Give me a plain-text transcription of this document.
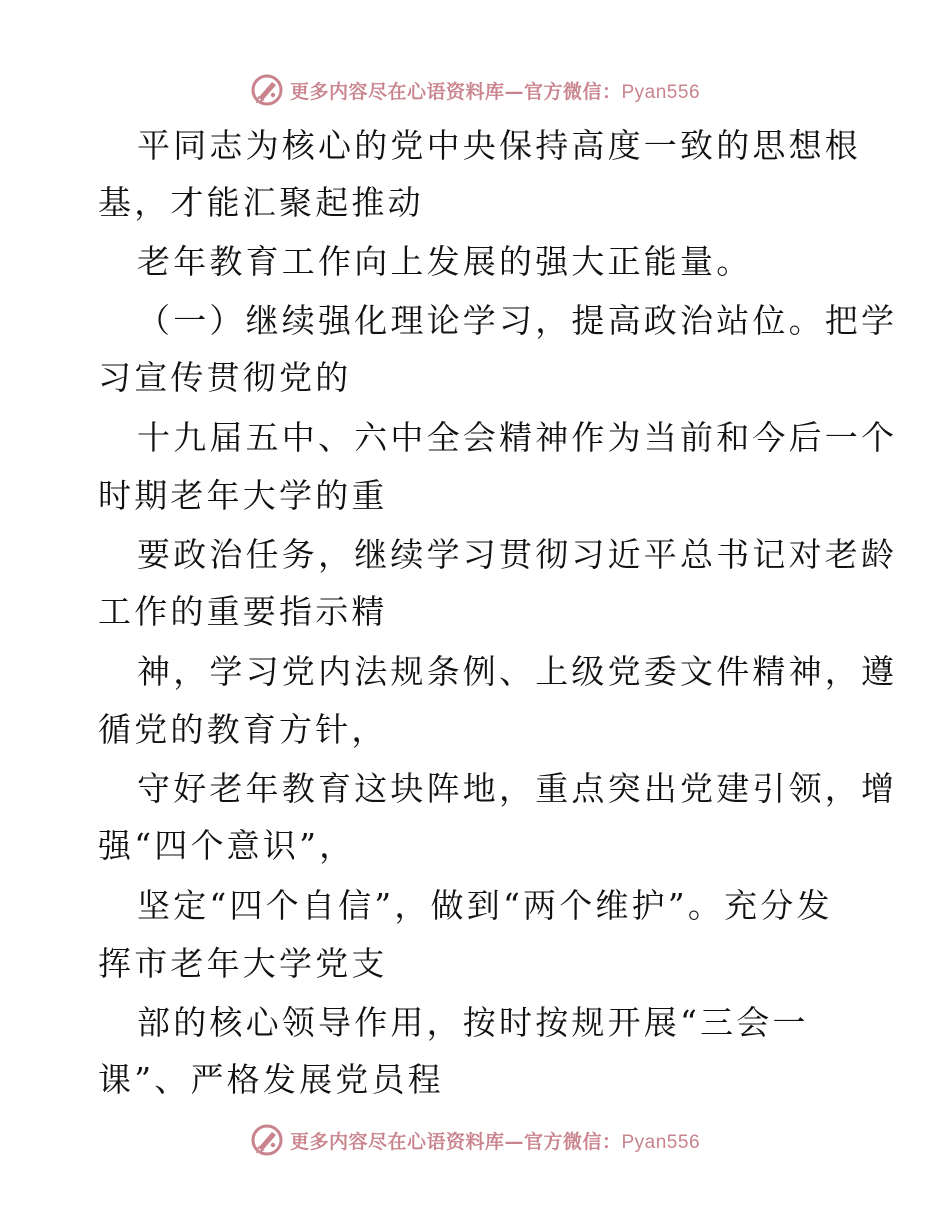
更多内容尽在心语资料库—官方微信：Pyan556
平同志为核心的党中央保持高度一致的思想根
基，才能汇聚起推动
老年教育工作向上发展的强大正能量。
（一）继续强化理论学习，提高政治站位。把学
习宣传贯彻党的
十九届五中、六中全会精神作为当前和今后一个
时期老年大学的重
要政治任务，继续学习贯彻习近平总书记对老龄
工作的重要指示精
神，学习党内法规条例、上级党委文件精神，遵
循党的教育方针，
守好老年教育这块阵地，重点突出党建引领，增
强“四个意识”，
坚定“四个自信”，做到“两个维护”。充分发
挥市老年大学党支
部的核心领导作用，按时按规开展“三会一
课”、严格发展党员程
更多内容尽在心语资料库—官方微信：Pyan556
